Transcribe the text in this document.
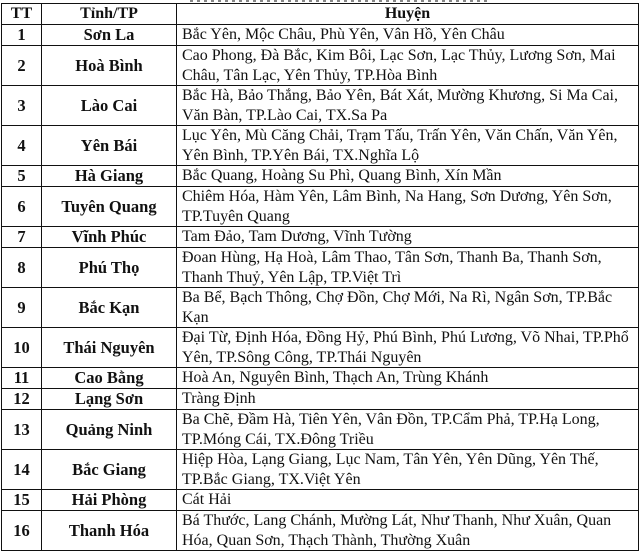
TT	Tỉnh/TP	Huyện
1	Sơn La	Bắc Yên, Mộc Châu, Phù Yên, Vân Hồ, Yên Châu
2	Hoà Bình	Cao Phong, Đà Bắc, Kim Bôi, Lạc Sơn, Lạc Thủy, Lương Sơn, Mai Châu, Tân Lạc, Yên Thủy, TP.Hòa Bình
3	Lào Cai	Bắc Hà, Bảo Thắng, Bảo Yên, Bát Xát, Mường Khương, Si Ma Cai, Văn Bàn, TP.Lào Cai, TX.Sa Pa
4	Yên Bái	Lục Yên, Mù Căng Chải, Trạm Tấu, Trấn Yên, Văn Chấn, Văn Yên, Yên Bình, TP.Yên Bái, TX.Nghĩa Lộ
5	Hà Giang	Bắc Quang, Hoàng Su Phì, Quang Bình, Xín Mần
6	Tuyên Quang	Chiêm Hóa, Hàm Yên, Lâm Bình, Na Hang, Sơn Dương, Yên Sơn, TP.Tuyên Quang
7	Vĩnh Phúc	Tam Đảo, Tam Dương, Vĩnh Tường
8	Phú Thọ	Đoan Hùng, Hạ Hoà, Lâm Thao, Tân Sơn, Thanh Ba, Thanh Sơn, Thanh Thuỷ, Yên Lập, TP.Việt Trì
9	Bắc Kạn	Ba Bể, Bạch Thông, Chợ Đồn, Chợ Mới, Na Rì, Ngân Sơn, TP.Bắc Kạn
10	Thái Nguyên	Đại Từ, Định Hóa, Đồng Hỷ, Phú Bình, Phú Lương, Võ Nhai, TP.Phổ Yên, TP.Sông Công, TP.Thái Nguyên
11	Cao Bằng	Hoà An, Nguyên Bình, Thạch An, Trùng Khánh
12	Lạng Sơn	Tràng Định
13	Quảng Ninh	Ba Chẽ, Đầm Hà, Tiên Yên, Vân Đồn, TP.Cẩm Phả, TP.Hạ Long, TP.Móng Cái, TX.Đông Triều
14	Bắc Giang	Hiệp Hòa, Lạng Giang, Lục Nam, Tân Yên, Yên Dũng, Yên Thế, TP.Bắc Giang, TX.Việt Yên
15	Hải Phòng	Cát Hải
16	Thanh Hóa	Bá Thước, Lang Chánh, Mường Lát, Như Thanh, Như Xuân, Quan Hóa, Quan Sơn, Thạch Thành, Thường Xuân
